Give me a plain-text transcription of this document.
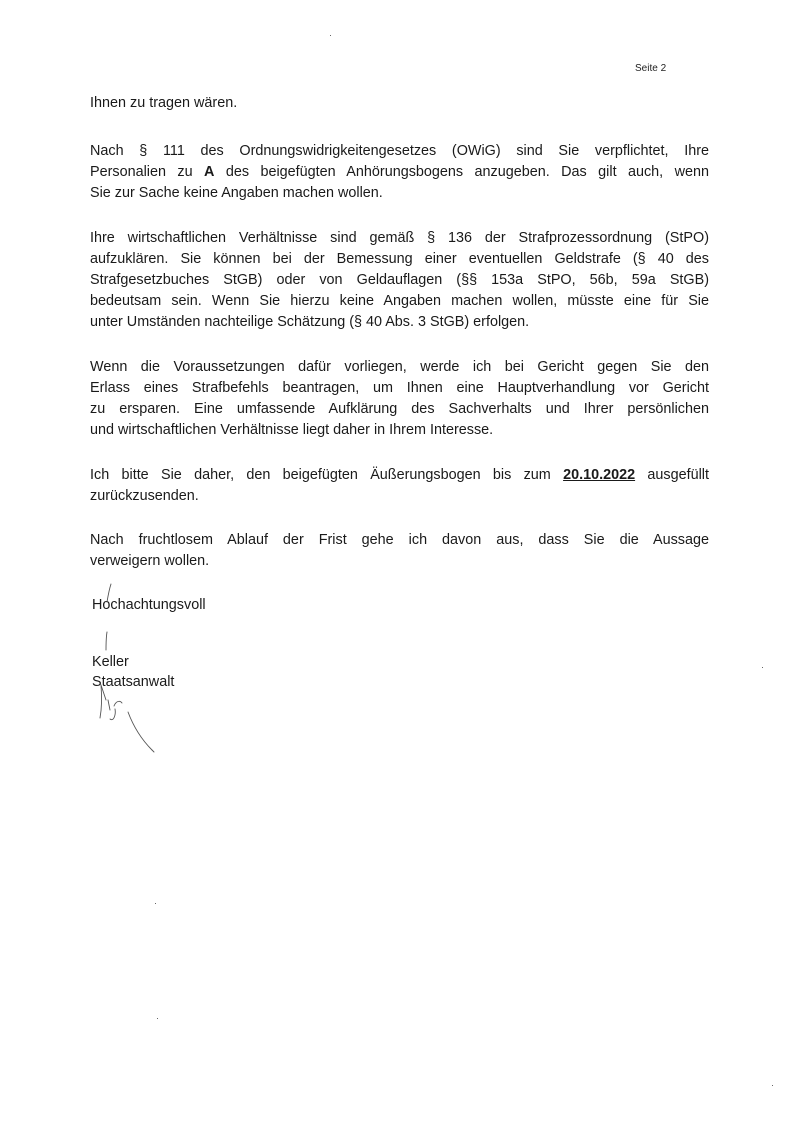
Seite 2

Ihnen zu tragen wären.

Nach § 111 des Ordnungswidrigkeitengesetzes (OWiG) sind Sie verpflichtet, Ihre
Personalien zu A des beigefügten Anhörungsbogens anzugeben. Das gilt auch, wenn
Sie zur Sache keine Angaben machen wollen.

Ihre wirtschaftlichen Verhältnisse sind gemäß § 136 der Strafprozessordnung (StPO)
aufzuklären. Sie können bei der Bemessung einer eventuellen Geldstrafe (§ 40 des
Strafgesetzbuches StGB) oder von Geldauflagen (§§ 153a StPO, 56b, 59a StGB)
bedeutsam sein. Wenn Sie hierzu keine Angaben machen wollen, müsste eine für Sie
unter Umständen nachteilige Schätzung (§ 40 Abs. 3 StGB) erfolgen.

Wenn die Voraussetzungen dafür vorliegen, werde ich bei Gericht gegen Sie den
Erlass eines Strafbefehls beantragen, um Ihnen eine Hauptverhandlung vor Gericht
zu ersparen. Eine umfassende Aufklärung des Sachverhalts und Ihrer persönlichen
und wirtschaftlichen Verhältnisse liegt daher in Ihrem Interesse.

Ich bitte Sie daher, den beigefügten Äußerungsbogen bis zum 20.10.2022 ausgefüllt
zurückzusenden.

Nach fruchtlosem Ablauf der Frist gehe ich davon aus, dass Sie die Aussage
verweigern wollen.

Hochachtungsvoll
Keller
Staatsanwalt
